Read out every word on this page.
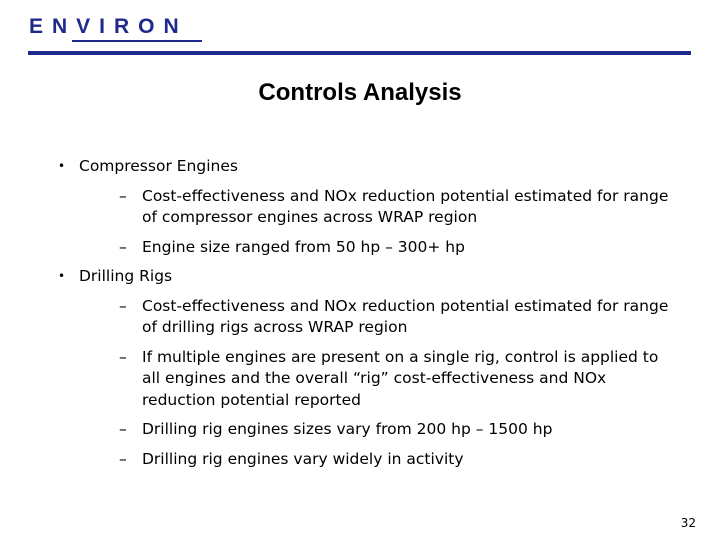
ENVIRON
Controls Analysis
• Compressor Engines
– Cost-effectiveness and NOx reduction potential estimated for range of compressor engines across WRAP region
– Engine size ranged from 50 hp – 300+ hp
• Drilling Rigs
– Cost-effectiveness and NOx reduction potential estimated for range of drilling rigs across WRAP region
– If multiple engines are present on a single rig, control is applied to all engines and the overall “rig” cost-effectiveness and NOx reduction potential reported
– Drilling rig engines sizes vary from 200 hp – 1500 hp
– Drilling rig engines vary widely in activity
32
